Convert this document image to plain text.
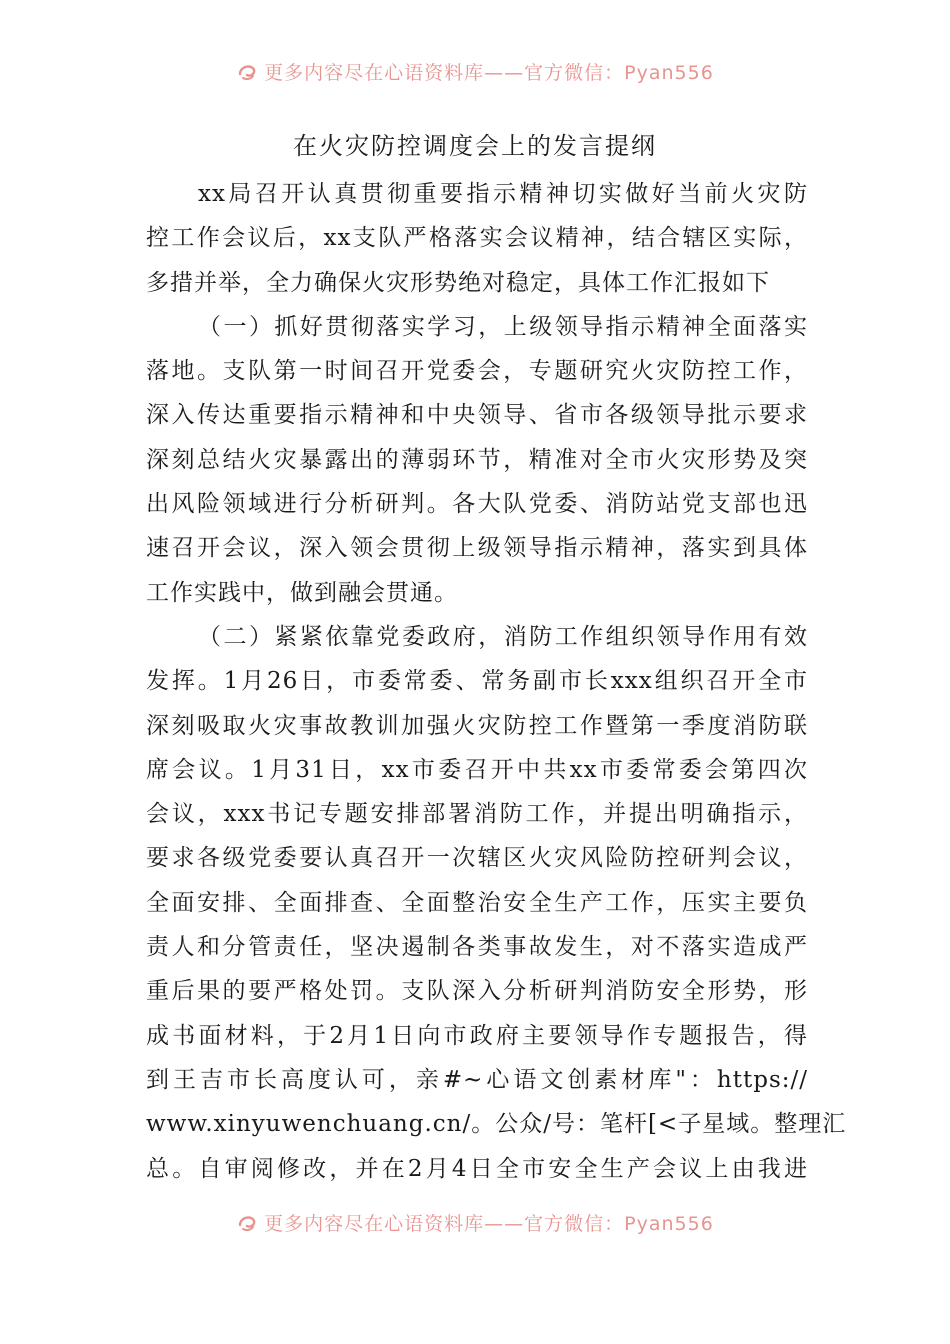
更多内容尽在心语资料库——官方微信：Pyan556
在火灾防控调度会上的发言提纲
xx局召开认真贯彻重要指示精神切实做好当前火灾防
控工作会议后，xx支队严格落实会议精神，结合辖区实际，
多措并举，全力确保火灾形势绝对稳定，具体工作汇报如下
（一）抓好贯彻落实学习，上级领导指示精神全面落实
落地。支队第一时间召开党委会，专题研究火灾防控工作，
深入传达重要指示精神和中央领导、省市各级领导批示要求
深刻总结火灾暴露出的薄弱环节，精准对全市火灾形势及突
出风险领域进行分析研判。各大队党委、消防站党支部也迅
速召开会议，深入领会贯彻上级领导指示精神，落实到具体
工作实践中，做到融会贯通。
（二）紧紧依靠党委政府，消防工作组织领导作用有效
发挥。1月26日，市委常委、常务副市长xxx组织召开全市
深刻吸取火灾事故教训加强火灾防控工作暨第一季度消防联
席会议。1月31日，xx市委召开中共xx市委常委会第四次
会议，xxx书记专题安排部署消防工作，并提出明确指示，
要求各级党委要认真召开一次辖区火灾风险防控研判会议，
全面安排、全面排查、全面整治安全生产工作，压实主要负
责人和分管责任，坚决遏制各类事故发生，对不落实造成严
重后果的要严格处罚。支队深入分析研判消防安全形势，形
成书面材料，于2月1日向市政府主要领导作专题报告，得
到王吉市长高度认可，亲#~心语文创素材库"：https://
www.xinyuwenchuang.cn/。公众/号：笔杆[<子星域。整理汇
总。自审阅修改，并在2月4日全市安全生产会议上由我进
更多内容尽在心语资料库——官方微信：Pyan556
